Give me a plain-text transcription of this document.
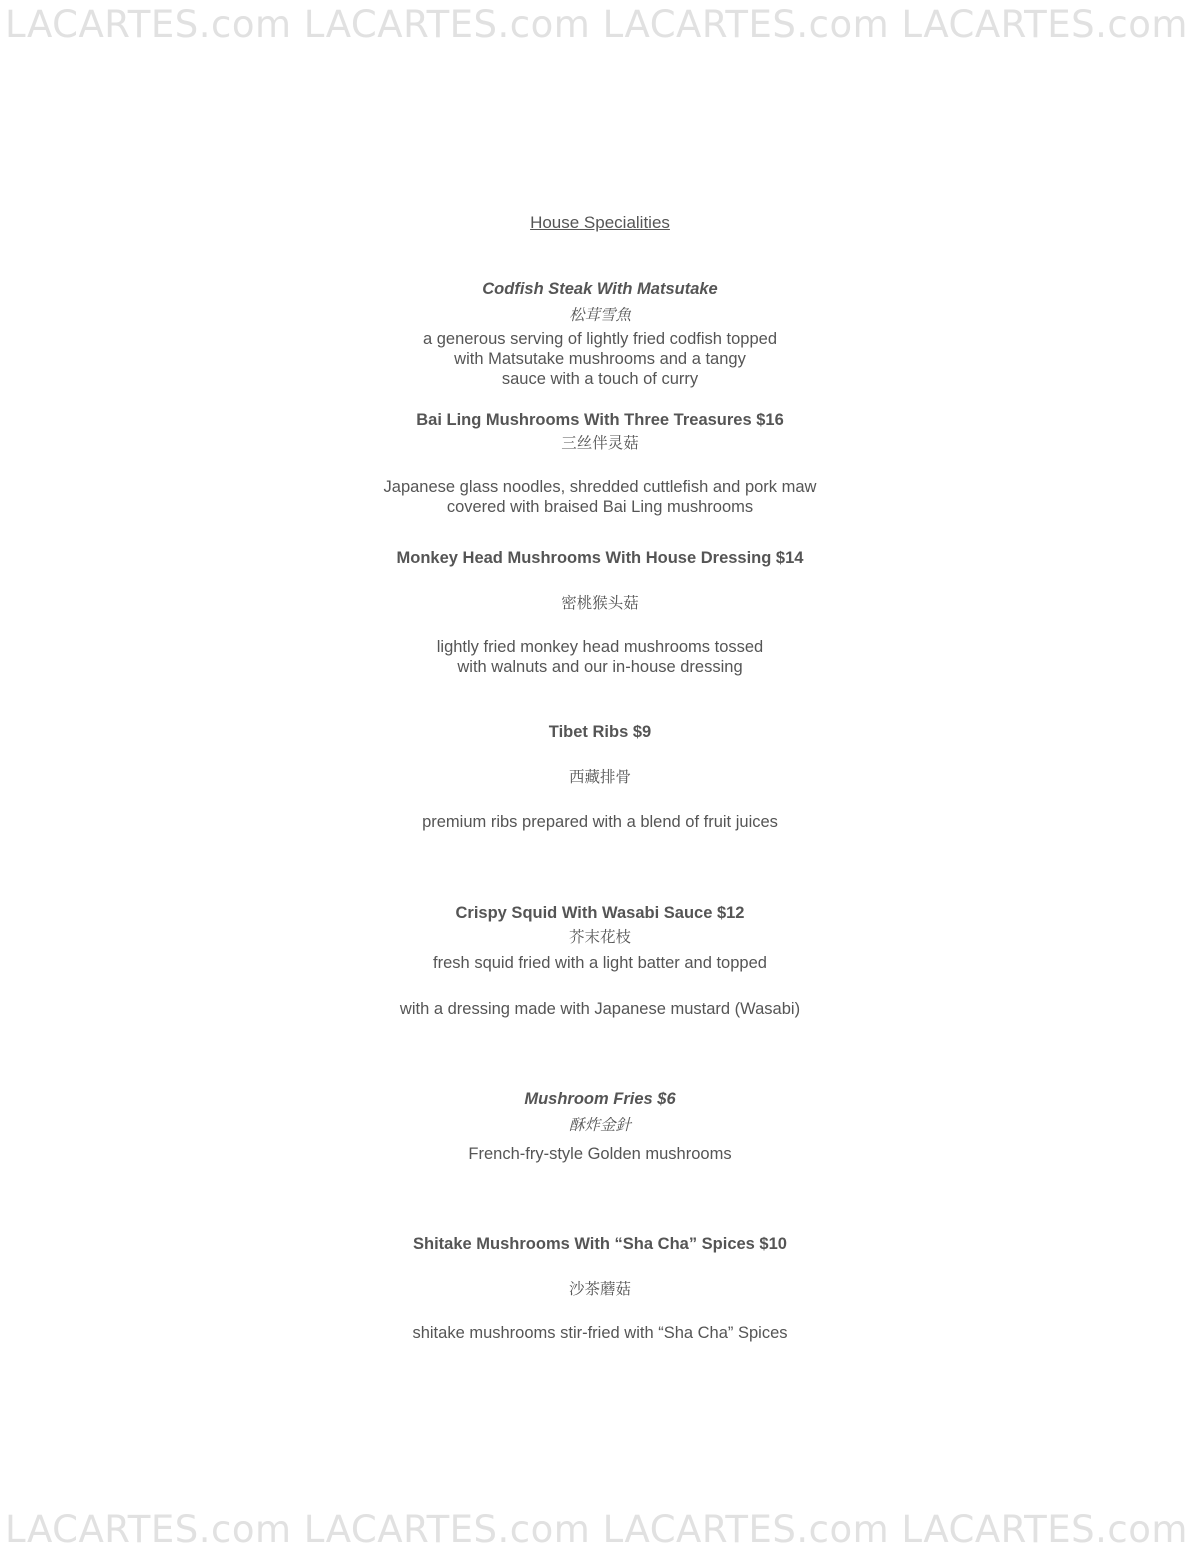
LACARTES.com LACARTES.com LACARTES.com LACARTES.com
House Specialities
Codfish Steak With Matsutake
松茸雪魚
a generous serving of lightly fried codfish topped
with Matsutake mushrooms and a tangy
sauce with a touch of curry
Bai Ling Mushrooms With Three Treasures $16
三丝伴灵菇
Japanese glass noodles, shredded cuttlefish and pork maw
covered with braised Bai Ling mushrooms
Monkey Head Mushrooms With House Dressing $14
密桃猴头菇
lightly fried monkey head mushrooms tossed
with walnuts and our in-house dressing
Tibet Ribs $9
西藏排骨
premium ribs prepared with a blend of fruit juices
Crispy Squid With Wasabi Sauce $12
芥末花枝
fresh squid fried with a light batter and topped
with a dressing made with Japanese mustard (Wasabi)
Mushroom Fries $6
酥炸金針
French-fry-style Golden mushrooms
Shitake Mushrooms With “Sha Cha” Spices $10
沙茶蘑菇
shitake mushrooms stir-fried with “Sha Cha” Spices
LACARTES.com LACARTES.com LACARTES.com LACARTES.com
